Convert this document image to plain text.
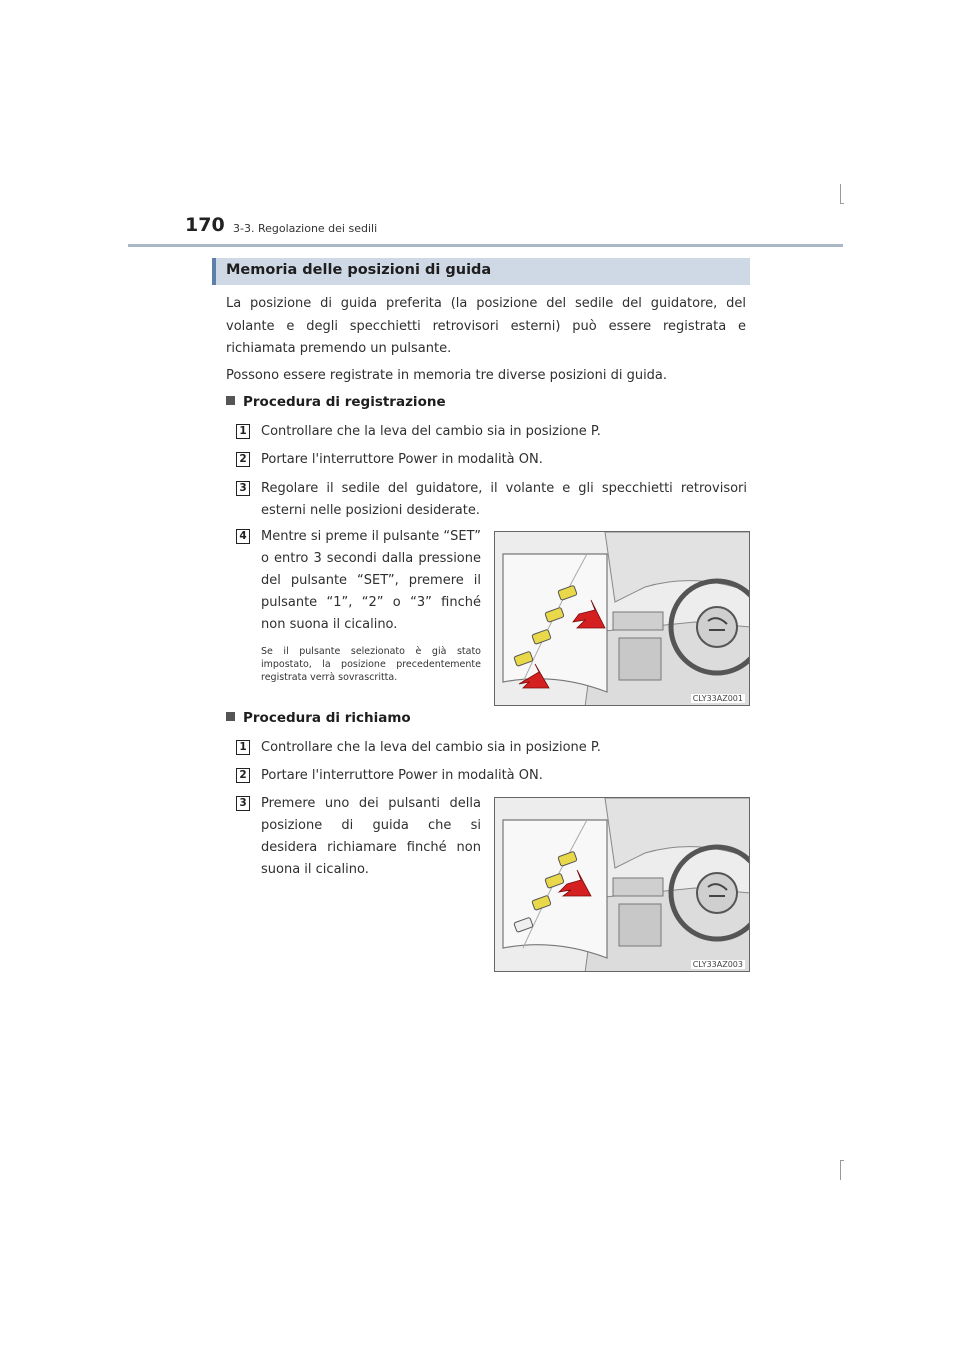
170 3-3. Regolazione dei sedili
Memoria delle posizioni di guida
La posizione di guida preferita (la posizione del sedile del guidatore, del volante e degli specchietti retrovisori esterni) può essere registrata e richiamata premendo un pulsante.
Possono essere registrate in memoria tre diverse posizioni di guida.
Procedura di registrazione
1 Controllare che la leva del cambio sia in posizione P.
2 Portare l'interruttore Power in modalità ON.
3 Regolare il sedile del guidatore, il volante e gli specchietti retrovisori esterni nelle posizioni desiderate.
4 Mentre si preme il pulsante “SET” o entro 3 secondi dalla pressione del pulsante “SET”, premere il pulsante “1”, “2” o “3” finché non suona il cicalino.
Se il pulsante selezionato è già stato impostato, la posizione precedentemente registrata verrà sovrascritta.
CLY33AZ001
Procedura di richiamo
1 Controllare che la leva del cambio sia in posizione P.
2 Portare l'interruttore Power in modalità ON.
3 Premere uno dei pulsanti della posizione di guida che si desidera richiamare finché non suona il cicalino.
CLY33AZ003
